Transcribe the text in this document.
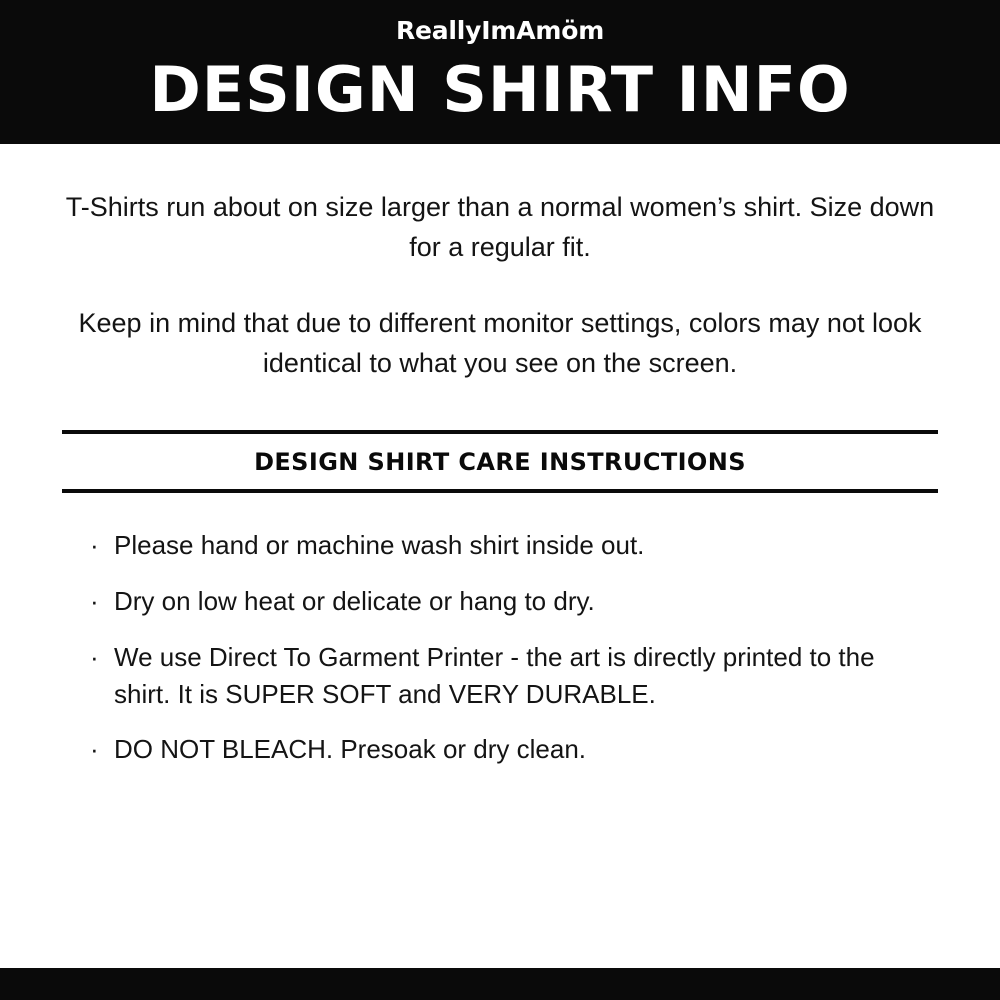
ReallyImAmöm
DESIGN SHIRT INFO

T-Shirts run about on size larger than a normal women’s shirt. Size down for a regular fit.

Keep in mind that due to different monitor settings, colors may not look identical to what you see on the screen.

DESIGN SHIRT CARE INSTRUCTIONS
· Please hand or machine wash shirt inside out.
· Dry on low heat or delicate or hang to dry.
· We use Direct To Garment Printer - the art is directly printed to the shirt. It is SUPER SOFT and VERY DURABLE.
· DO NOT BLEACH. Presoak or dry clean.
